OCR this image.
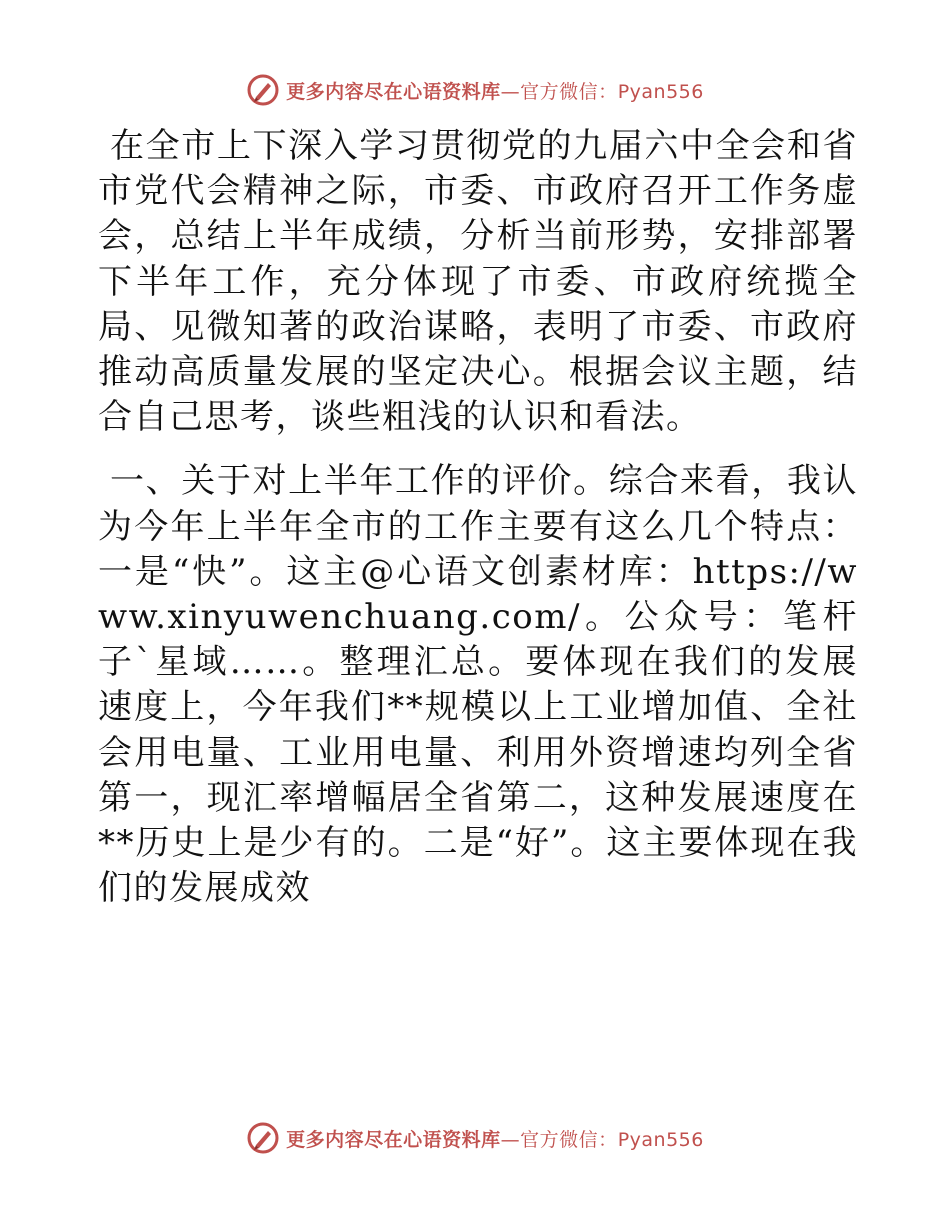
更多内容尽在心语资料库—官方微信：Pyan556

在全市上下深入学习贯彻党的九届六中全会和省市党代会精神之际，市委、市政府召开工作务虚会，总结上半年成绩，分析当前形势，安排部署下半年工作，充分体现了市委、市政府统揽全局、见微知著的政治谋略，表明了市委、市政府推动高质量发展的坚定决心。根据会议主题，结合自己思考，谈些粗浅的认识和看法。

一、关于对上半年工作的评价。综合来看，我认为今年上半年全市的工作主要有这么几个特点：一是“快”。这主@心语文创素材库：https://www.xinyuwenchuang.com/。公众号：笔杆子`星域……。整理汇总。要体现在我们的发展速度上，今年我们**规模以上工业增加值、全社会用电量、工业用电量、利用外资增速均列全省第一，现汇率增幅居全省第二，这种发展速度在**历史上是少有的。二是“好”。这主要体现在我们的发展成效

更多内容尽在心语资料库—官方微信：Pyan556
